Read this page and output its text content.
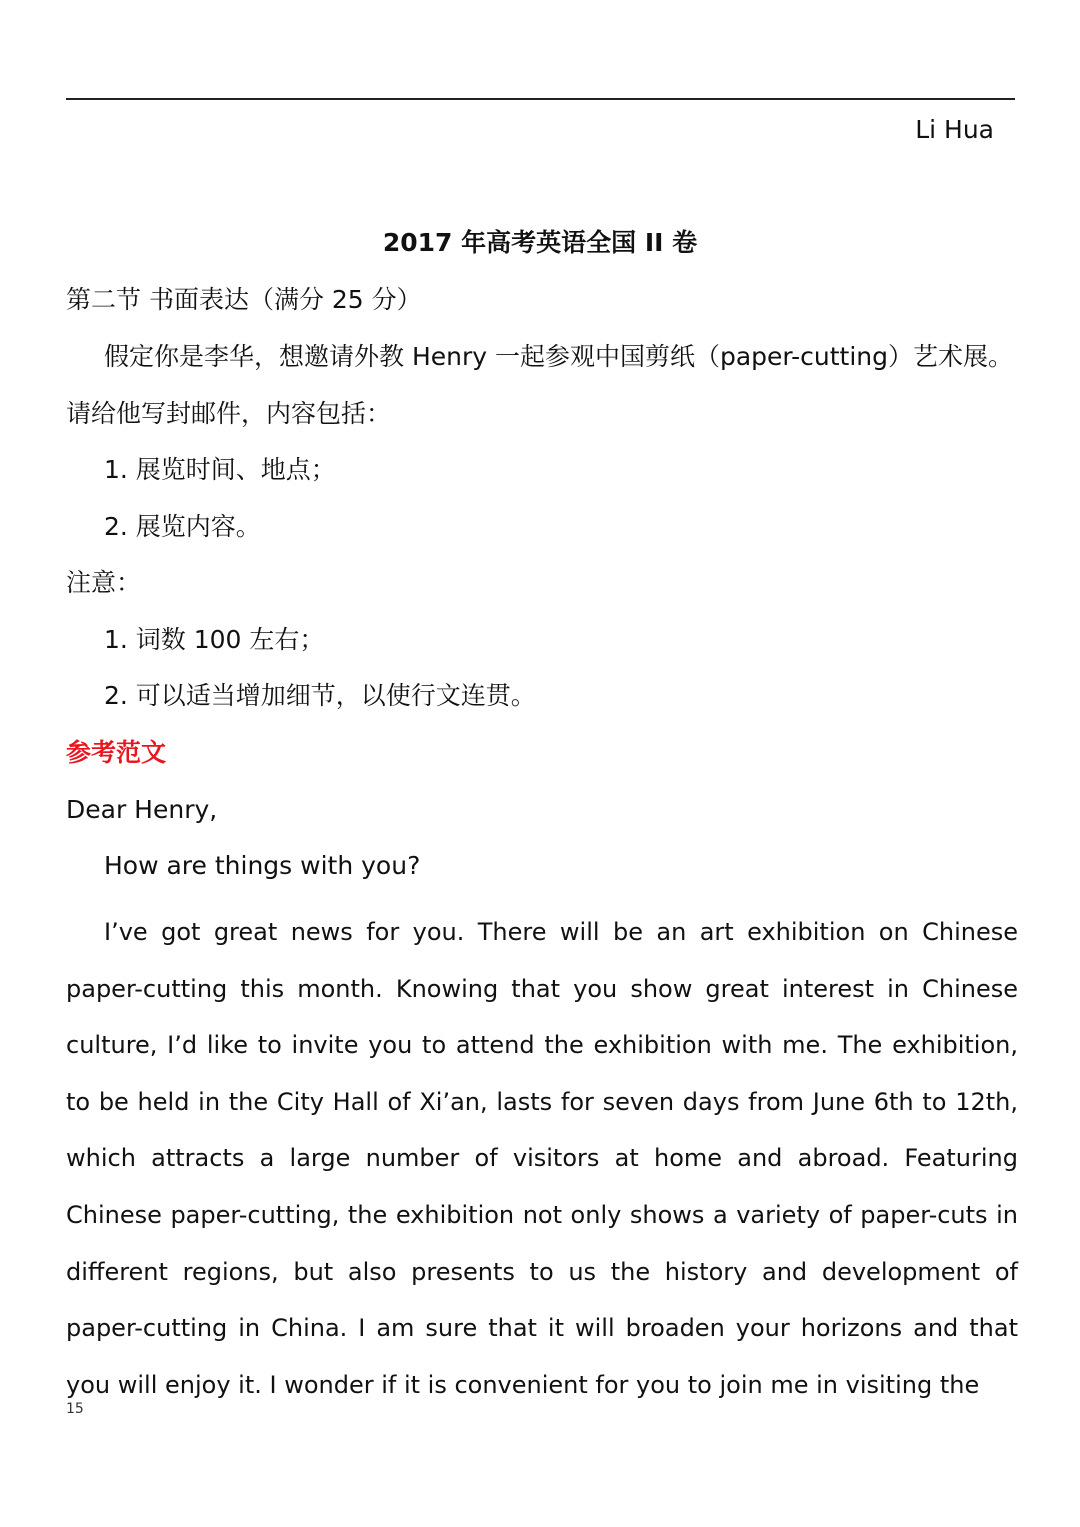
Li Hua
2017 年高考英语全国 II 卷
第二节 书面表达（满分 25 分）
假定你是李华，想邀请外教 Henry 一起参观中国剪纸（paper-cutting）艺术展。
请给他写封邮件，内容包括：
1. 展览时间、地点；
2. 展览内容。
注意：
1. 词数 100 左右；
2. 可以适当增加细节，以使行文连贯。
参考范文
Dear Henry,
How are things with you?
I’ve got great news for you. There will be an art exhibition on Chinese paper-cutting this month. Knowing that you show great interest in Chinese culture, I’d like to invite you to attend the exhibition with me. The exhibition, to be held in the City Hall of Xi’an, lasts for seven days from June 6th to 12th, which attracts a large number of visitors at home and abroad. Featuring Chinese paper-cutting, the exhibition not only shows a variety of paper-cuts in different regions, but also presents to us the history and development of paper-cutting in China. I am sure that it will broaden your horizons and that you will enjoy it. I wonder if it is convenient for you to join me in visiting the
15
